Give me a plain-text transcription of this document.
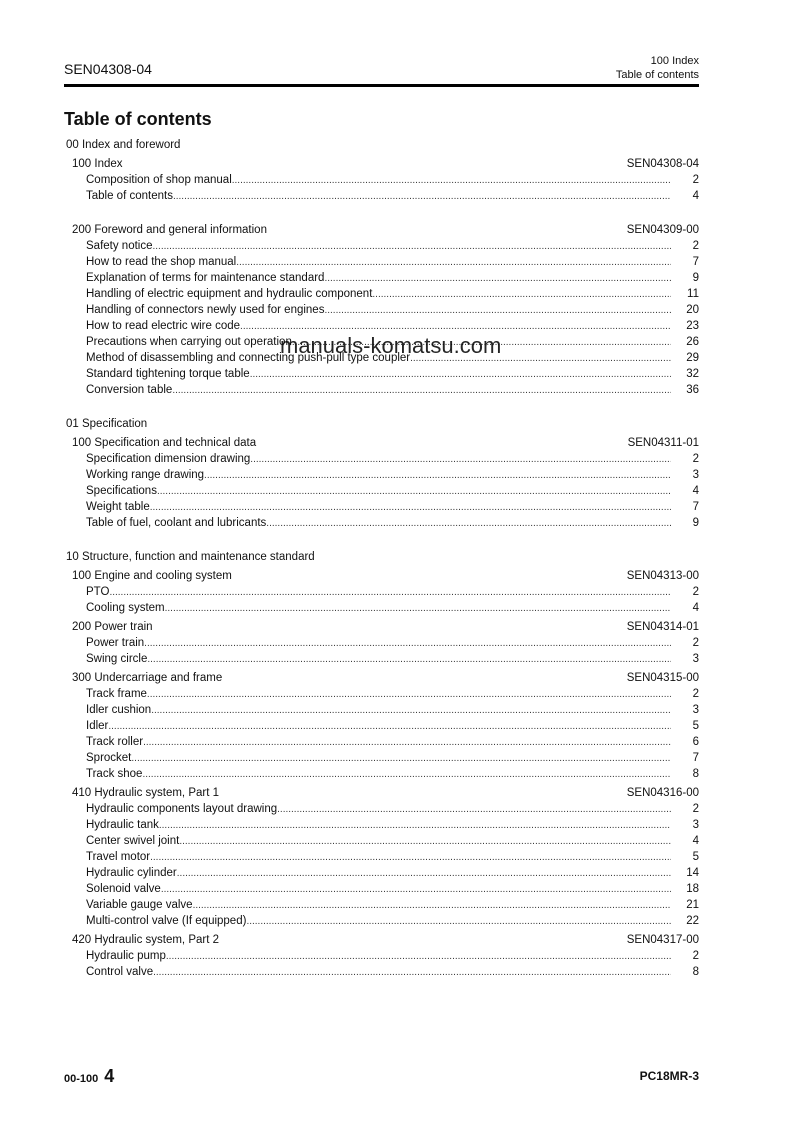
SEN04308-04	100 Index
Table of contents
Table of contents
00 Index and foreword
100 Index	SEN04308-04
Composition of shop manual .....	2
Table of contents .....	4
200 Foreword and general information	SEN04309-00
Safety notice .....	2
How to read the shop manual .....	7
Explanation of terms for maintenance standard .....	9
Handling of electric equipment and hydraulic component .....	11
Handling of connectors newly used for engines .....	20
How to read electric wire code .....	23
Precautions when carrying out operation .....	26
Method of disassembling and connecting push-pull type coupler .....	29
Standard tightening torque table .....	32
Conversion table .....	36
01 Specification
100 Specification and technical data	SEN04311-01
Specification dimension drawing .....	2
Working range drawing .....	3
Specifications .....	4
Weight table .....	7
Table of fuel, coolant and lubricants .....	9
10 Structure, function and maintenance standard
100 Engine and cooling system	SEN04313-00
PTO .....	2
Cooling system .....	4
200 Power train	SEN04314-01
Power train .....	2
Swing circle .....	3
300 Undercarriage and frame	SEN04315-00
Track frame .....	2
Idler cushion .....	3
Idler .....	5
Track roller .....	6
Sprocket .....	7
Track shoe .....	8
410 Hydraulic system, Part 1	SEN04316-00
Hydraulic components layout drawing .....	2
Hydraulic tank .....	3
Center swivel joint .....	4
Travel motor .....	5
Hydraulic cylinder .....	14
Solenoid valve .....	18
Variable gauge valve .....	21
Multi-control valve (If equipped) .....	22
420 Hydraulic system, Part 2	SEN04317-00
Hydraulic pump .....	2
Control valve .....	8
manuals-komatsu.com
00-100 4	PC18MR-3
